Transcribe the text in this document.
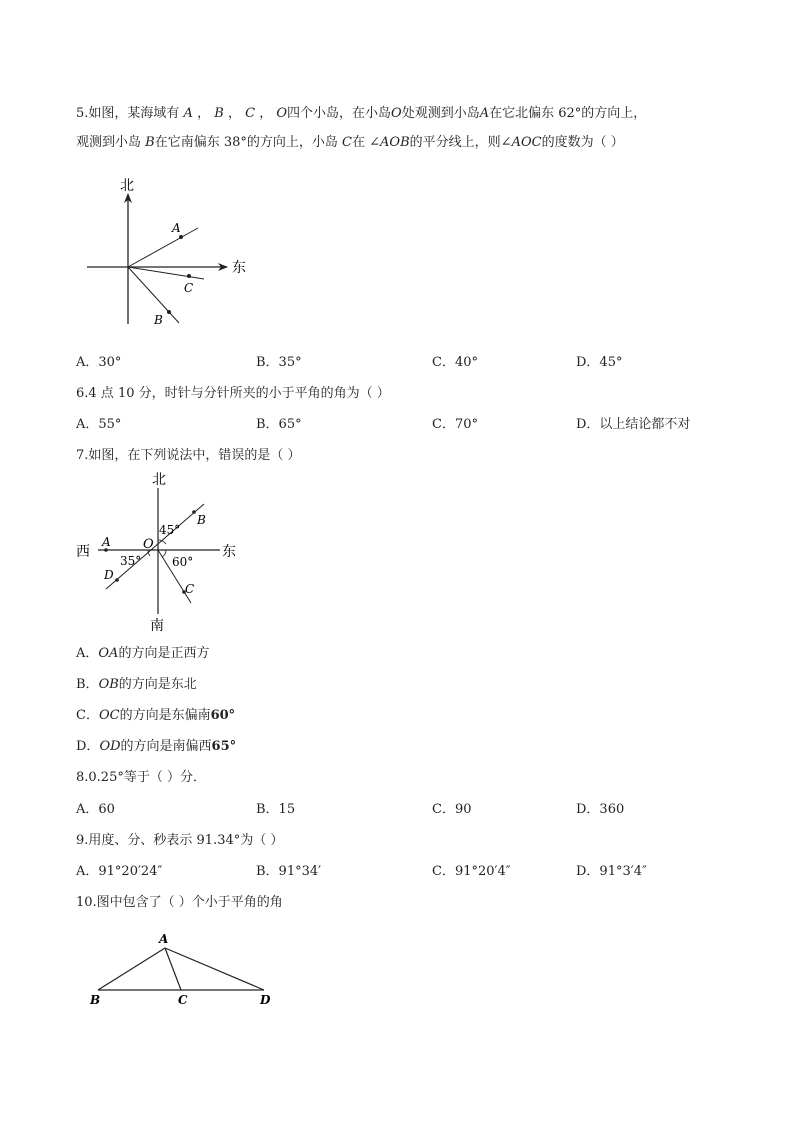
5.如图，某海域有 A ， B ， C ， O四个小岛，在小岛O处观测到小岛A在它北偏东 62°的方向上，
观测到小岛 B在它南偏东 38°的方向上，小岛 C在 ∠AOB的平分线上，则∠AOC的度数为（ ）
北
东
A
C
B
A．30°	B．35°	C．40°	D．45°
6.4 点 10 分，时针与分针所夹的小于平角的角为（ ）
A．55°	B．65°	C．70°	D．以上结论都不对
7.如图，在下列说法中，错误的是（ ）
北
南
西	东
O
A
B
C
D
45°
35°	60°
A．OA的方向是正西方
B．OB的方向是东北
C．OC的方向是东偏南60°
D．OD的方向是南偏西65°
8.0.25°等于（ ）分．
A．60	B．15	C．90	D．360
9.用度、分、秒表示 91.34°为（ ）
A．91°20′24″	B．91°34′	C．91°20′4″	D．91°3′4″
10.图中包含了（ ）个小于平角的角
A
B	C	D
